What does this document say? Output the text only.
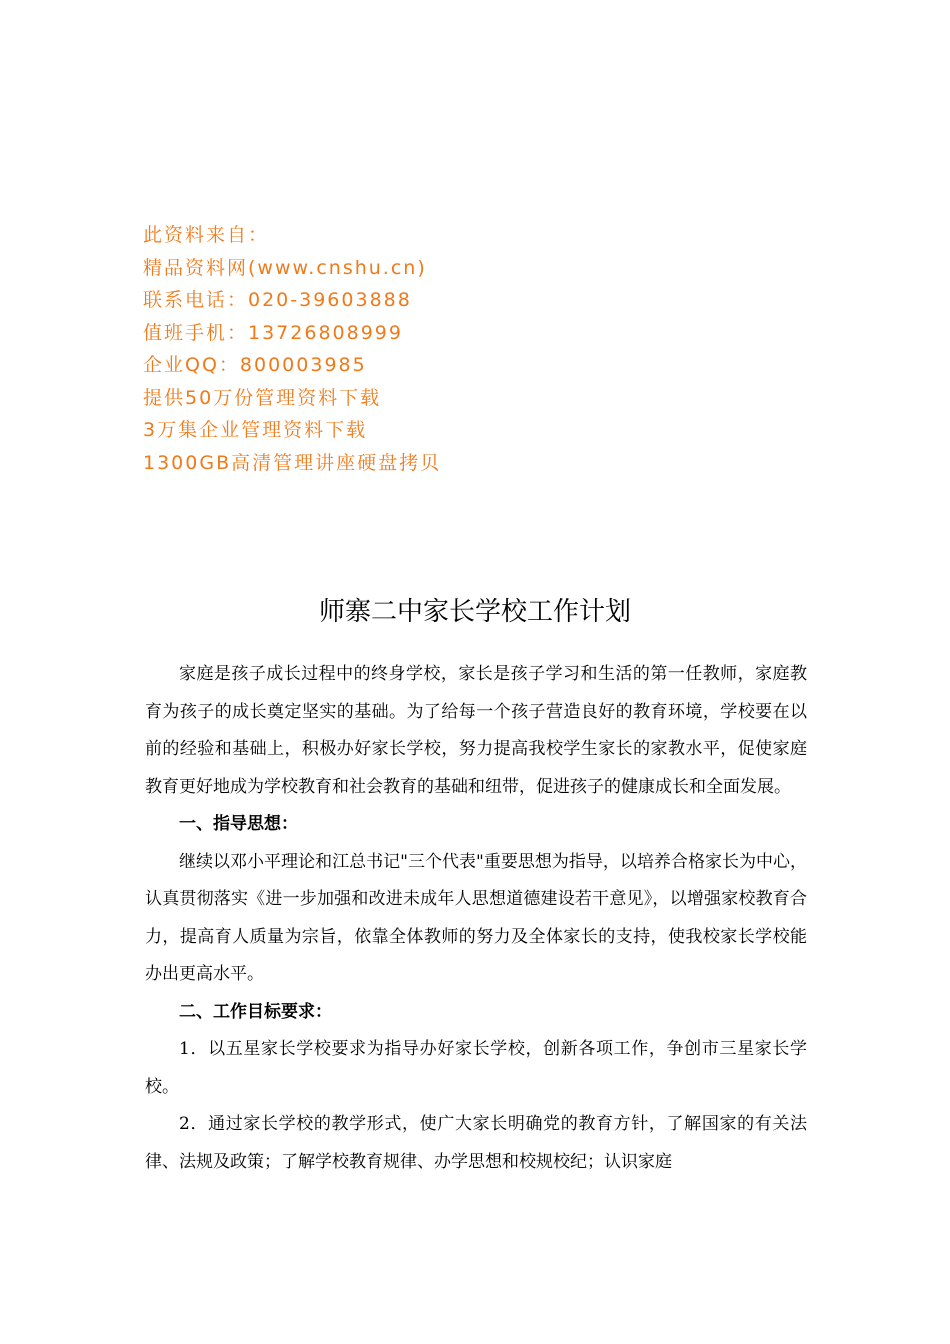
此资料来自：
精品资料网(www.cnshu.cn)
联系电话：020-39603888
值班手机：13726808999
企业QQ：800003985
提供50万份管理资料下载
3万集企业管理资料下载
1300GB高清管理讲座硬盘拷贝
师寨二中家长学校工作计划

家庭是孩子成长过程中的终身学校，家长是孩子学习和生活的第一任教师，家庭教育为孩子的成长奠定坚实的基础。为了给每一个孩子营造良好的教育环境，学校要在以前的经验和基础上，积极办好家长学校，努力提高我校学生家长的家教水平，促使家庭教育更好地成为学校教育和社会教育的基础和纽带，促进孩子的健康成长和全面发展。

一、指导思想：

继续以邓小平理论和江总书记"三个代表"重要思想为指导，以培养合格家长为中心，认真贯彻落实《进一步加强和改进未成年人思想道德建设若干意见》，以增强家校教育合力，提高育人质量为宗旨，依靠全体教师的努力及全体家长的支持，使我校家长学校能办出更高水平。

二、工作目标要求：

1．以五星家长学校要求为指导办好家长学校，创新各项工作，争创市三星家长学校。

2．通过家长学校的教学形式，使广大家长明确党的教育方针，了解国家的有关法律、法规及政策；了解学校教育规律、办学思想和校规校纪；认识家庭
